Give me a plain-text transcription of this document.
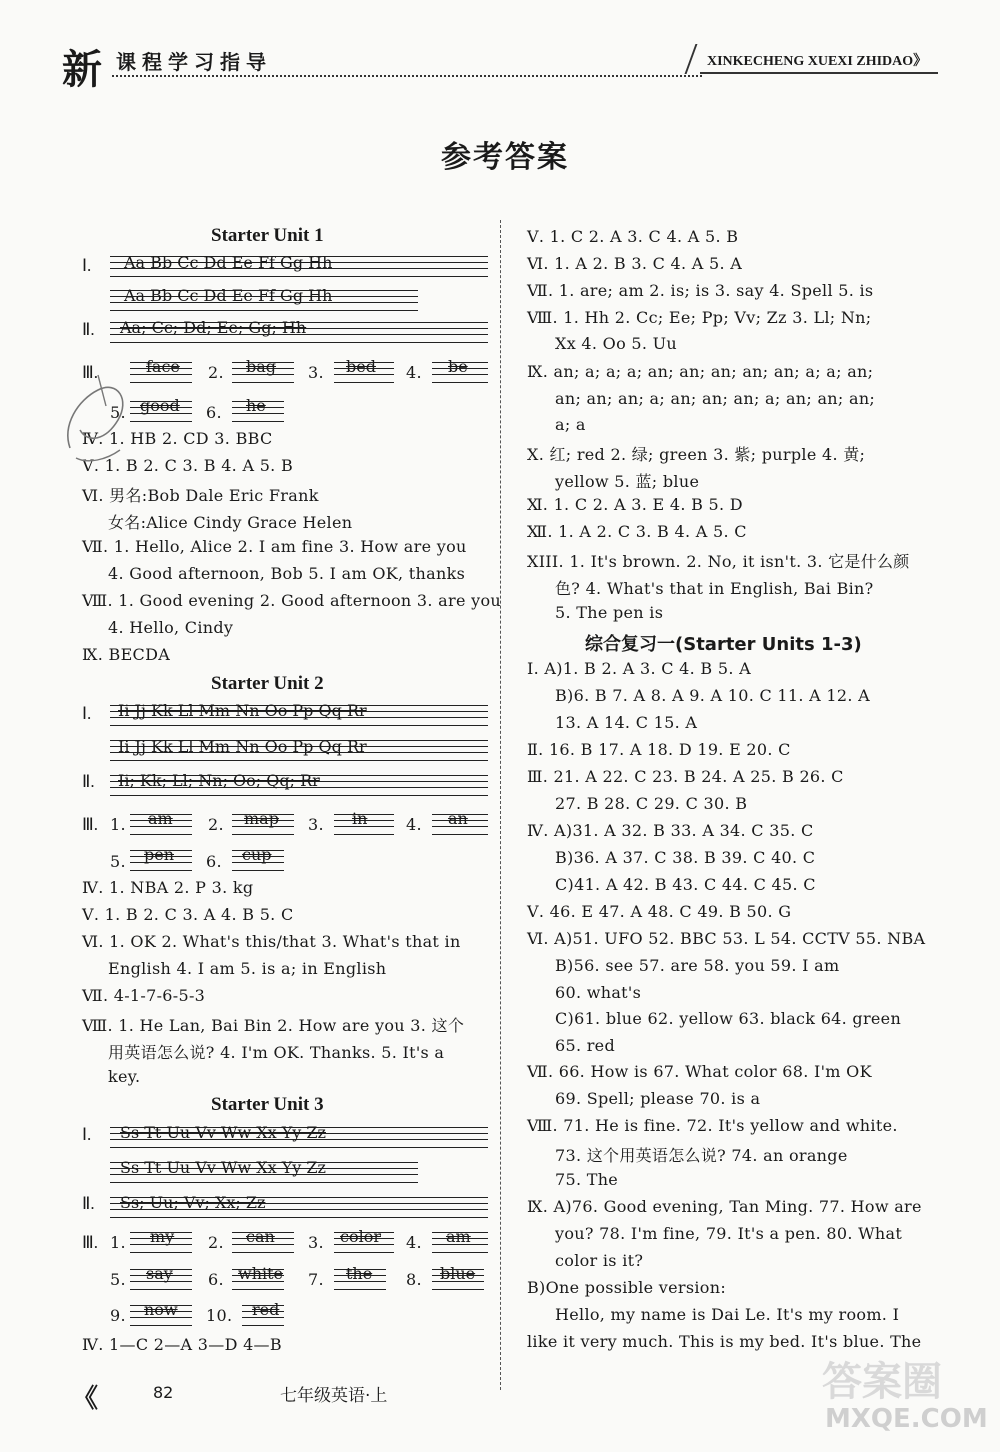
新 课程学习指导	XINKECHENG XUEXI ZHIDAO》
参考答案
Starter Unit 1
Ⅰ. Aa Bb Cc Dd Ee Ff Gg Hh
Aa Bb Cc Dd Ee Ff Gg Hh
Ⅱ. Aa; Cc; Dd; Ee; Gg; Hh
Ⅲ.	face 2. bag 3. bed 4. be
5. good 6. he
Ⅳ. 1. HB 2. CD 3. BBC
Ⅴ. 1. B 2. C 3. B 4. A 5. B
Ⅵ. 男名:Bob Dale Eric Frank
女名:Alice Cindy Grace Helen
Ⅶ. 1. Hello, Alice 2. I am fine 3. How are you
4. Good afternoon, Bob 5. I am OK, thanks
Ⅷ. 1. Good evening 2. Good afternoon 3. are you
4. Hello, Cindy
Ⅸ. BECDA
Starter Unit 2
Ⅰ. Ii Jj Kk Ll Mm Nn Oo Pp Qq Rr
Ii Jj Kk Ll Mm Nn Oo Pp Qq Rr
Ⅱ. Ii; Kk; Ll; Nn; Oo; Qq; Rr
Ⅲ. 1. am 2. map 3. in 4. an
5. pen 6. cup
Ⅳ. 1. NBA 2. P 3. kg
Ⅴ. 1. B 2. C 3. A 4. B 5. C
Ⅵ. 1. OK 2. What's this/that 3. What's that in
English 4. I am 5. is a; in English
Ⅶ. 4-1-7-6-5-3
Ⅷ. 1. He Lan, Bai Bin 2. How are you 3. 这个
用英语怎么说? 4. I'm OK. Thanks. 5. It's a
key.
Starter Unit 3
Ⅰ. Ss Tt Uu Vv Ww Xx Yy Zz
Ss Tt Uu Vv Ww Xx Yy Zz
Ⅱ. Ss; Uu; Vv; Xx; Zz
Ⅲ. 1. my 2. can 3. color 4. am
5. say 6. white 7. the 8. blue
9. now 10. red
Ⅳ. 1—C 2—A 3—D 4—B
Ⅴ. 1. C 2. A 3. C 4. A 5. B
Ⅵ. 1. A 2. B 3. C 4. A 5. A
Ⅶ. 1. are; am 2. is; is 3. say 4. Spell 5. is
Ⅷ. 1. Hh 2. Cc; Ee; Pp; Vv; Zz 3. Ll; Nn;
Xx 4. Oo 5. Uu
Ⅸ. an; a; a; a; an; an; an; an; an; a; a; an;
an; an; an; a; an; an; an; a; an; an; an;
a; a
Ⅹ. 红; red 2. 绿; green 3. 紫; purple 4. 黄;
yellow 5. 蓝; blue
Ⅺ. 1. C 2. A 3. E 4. B 5. D
Ⅻ. 1. A 2. C 3. B 4. A 5. C
XIII. 1. It's brown. 2. No, it isn't. 3. 它是什么颜
色? 4. What's that in English, Bai Bin?
5. The pen is
综合复习一(Starter Units 1-3)
Ⅰ. A)1. B 2. A 3. C 4. B 5. A
B)6. B 7. A 8. A 9. A 10. C 11. A 12. A
13. A 14. C 15. A
Ⅱ. 16. B 17. A 18. D 19. E 20. C
Ⅲ. 21. A 22. C 23. B 24. A 25. B 26. C
27. B 28. C 29. C 30. B
Ⅳ. A)31. A 32. B 33. A 34. C 35. C
B)36. A 37. C 38. B 39. C 40. C
C)41. A 42. B 43. C 44. C 45. C
Ⅴ. 46. E 47. A 48. C 49. B 50. G
Ⅵ. A)51. UFO 52. BBC 53. L 54. CCTV 55. NBA
B)56. see 57. are 58. you 59. I am
60. what's
C)61. blue 62. yellow 63. black 64. green
65. red
Ⅶ. 66. How is 67. What color 68. I'm OK
69. Spell; please 70. is a
Ⅷ. 71. He is fine. 72. It's yellow and white.
73. 这个用英语怎么说? 74. an orange
75. The
Ⅸ. A)76. Good evening, Tan Ming. 77. How are
you? 78. I'm fine, 79. It's a pen. 80. What
color is it?
B)One possible version:
Hello, my name is Dai Le. It's my room. I
like it very much. This is my bed. It's blue. The
《	82	七年级英语·上	答案圈
MXQE.COM
